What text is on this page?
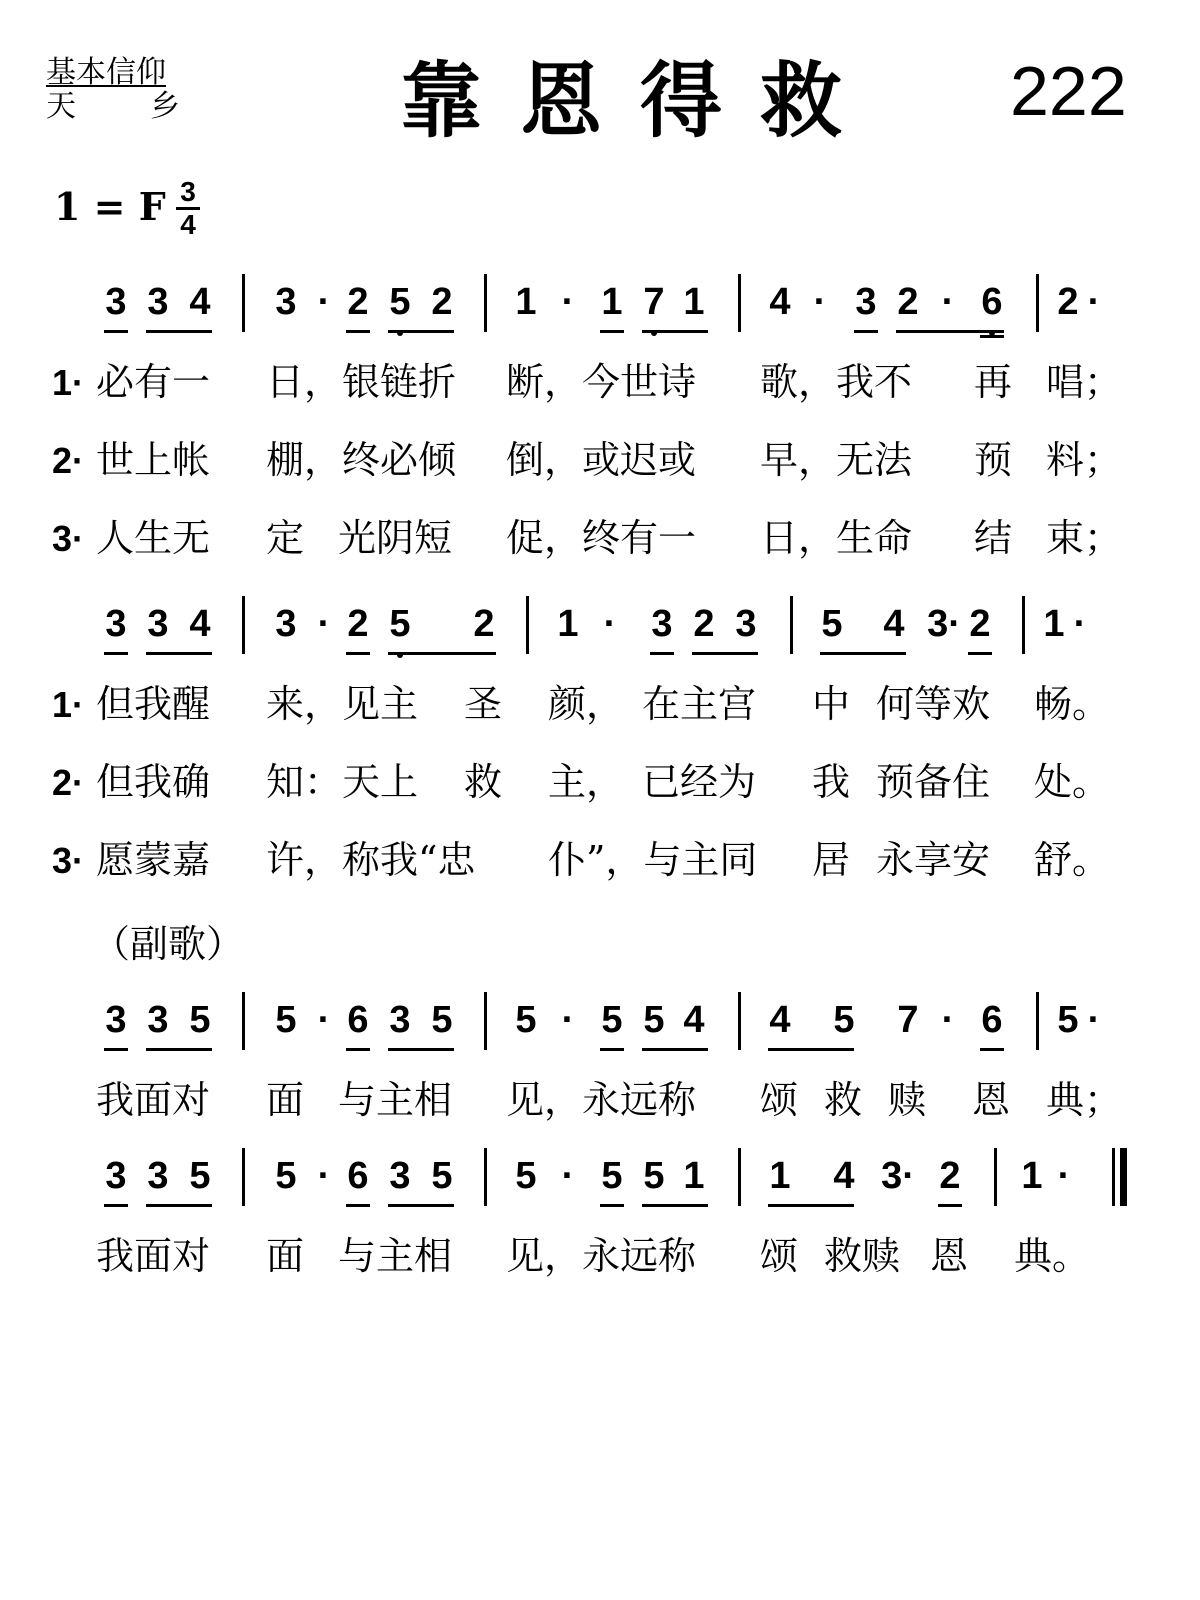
基本信仰
天　乡	靠恩得救 222
1 = F 3
4
3 3 4 3 · 2 5 2 1 · 1 7 1 4 · 3 2 · 6 2 ·
1· 必有一 日，银链折 断，今世诗 歌，我不 再 唱；
2· 世上帐 棚，终必倾 倒，或迟或 早，无法 预 料；
3· 人生无 定 光阴短 促，终有一 日，生命 结 束；
3 3 4 3 · 2 5 2 1 · 3 2 3 5 4 3· 2 1 ·
1· 但我醒 来，见主 圣 颜， 在主宫 中 何等欢 畅。
2· 但我确 知：天上 救 主， 已经为 我 预备住 处。
3· 愿蒙嘉 许，称我“忠 仆”，与主同 居 永享安 舒。
（副歌）
3 3 5 5 · 6 3 5 5 · 5 5 4 4 5 7 · 6 5 ·
我面对 面 与主相 见，永远称 颂 救 赎 恩 典；
3 3 5 5 · 6 3 5 5 · 5 5 1 1 4 3· 2 1 ·
我面对 面 与主相 见，永远称 颂 救赎 恩 典。
